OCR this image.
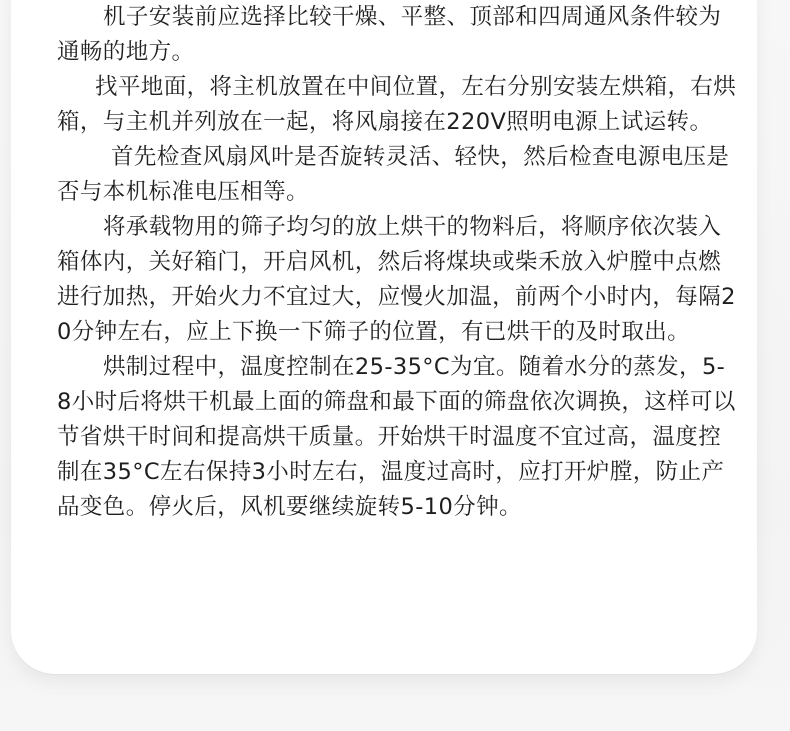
机子安装前应选择比较干燥、平整、顶部和四周通风条件较为通畅的地方。

找平地面，将主机放置在中间位置，左右分别安装左烘箱，右烘箱，与主机并列放在一起，将风扇接在220V照明电源上试运转。

首先检查风扇风叶是否旋转灵活、轻快，然后检查电源电压是否与本机标准电压相等。

将承载物用的筛子均匀的放上烘干的物料后，将顺序依次装入箱体内，关好箱门，开启风机，然后将煤块或柴禾放入炉膛中点燃进行加热，开始火力不宜过大，应慢火加温，前两个小时内，每隔20分钟左右，应上下换一下筛子的位置，有已烘干的及时取出。

烘制过程中，温度控制在25-35°C为宜。随着水分的蒸发，5-8小时后将烘干机最上面的筛盘和最下面的筛盘依次调换，这样可以节省烘干时间和提高烘干质量。开始烘干时温度不宜过高，温度控制在35°C左右保持3小时左右，温度过高时，应打开炉膛，防止产品变色。停火后，风机要继续旋转5-10分钟。
